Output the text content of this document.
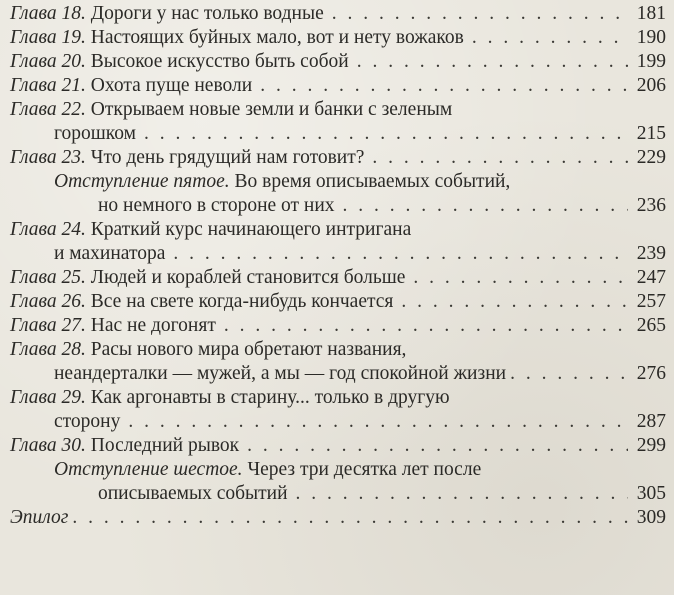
Глава 18. Дороги у нас только водные . . .	181
Глава 19. Настоящих буйных мало, вот и нету вожаков . . .	190
Глава 20. Высокое искусство быть собой . . .	199
Глава 21. Охота пуще неволи . . .	206
Глава 22. Открываем новые земли и банки с зеленым
горошком . . .	215
Глава 23. Что день грядущий нам готовит? . . .	229
Отступление пятое. Во время описываемых событий,
но немного в стороне от них . . .	236
Глава 24. Краткий курс начинающего интригана
и махинатора . . .	239
Глава 25. Людей и кораблей становится больше . . .	247
Глава 26. Все на свете когда-нибудь кончается . . .	257
Глава 27. Нас не догонят . . .	265
Глава 28. Расы нового мира обретают названия,
неандерталки — мужей, а мы — год спокойной жизни . . .	276
Глава 29. Как аргонавты в старину... только в другую
сторону . . .	287
Глава 30. Последний рывок . . .	299
Отступление шестое. Через три десятка лет после
описываемых событий . . .	305
Эпилог . . .	309
